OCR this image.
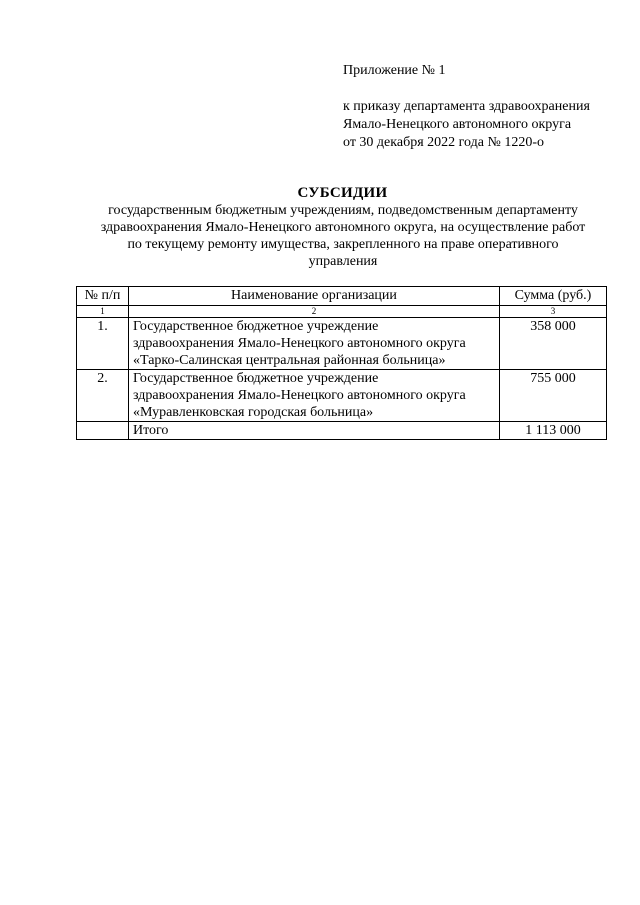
Приложение № 1
к приказу департамента здравоохранения
Ямало-Ненецкого автономного округа
от 30 декабря 2022 года № 1220-о
СУБСИДИИ
государственным бюджетным учреждениям, подведомственным департаменту
здравоохранения Ямало-Ненецкого автономного округа, на осуществление работ
по текущему ремонту имущества, закрепленного на праве оперативного
управления
№ п/п	Наименование организации	Сумма (руб.)
1	2	3
1.	Государственное бюджетное учреждение
здравоохранения Ямало-Ненецкого автономного округа
«Тарко-Салинская центральная районная больница»	358 000
2.	Государственное бюджетное учреждение
здравоохранения Ямало-Ненецкого автономного округа
«Муравленковская городская больница»	755 000
	Итого	1 113 000
